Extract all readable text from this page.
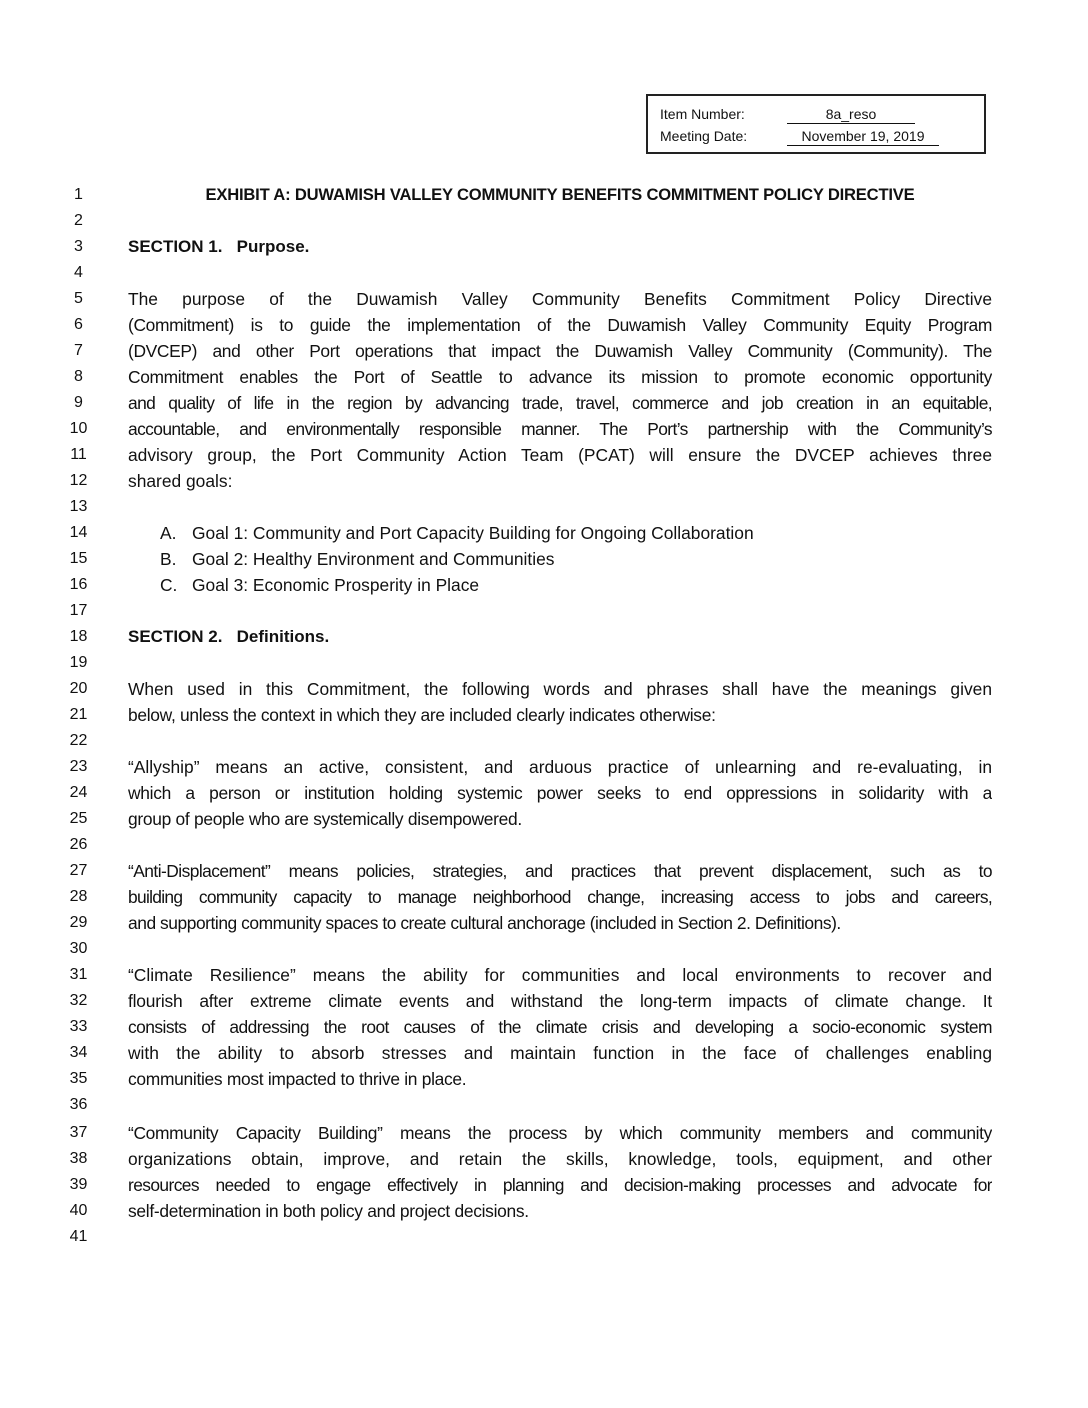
Item Number:	8a_reso
Meeting Date:	November 19, 2019
1	EXHIBIT A: DUWAMISH VALLEY COMMUNITY BENEFITS COMMITMENT POLICY DIRECTIVE
2
3	SECTION 1.   Purpose.
4
5	The purpose of the Duwamish Valley Community Benefits Commitment Policy Directive
6	(Commitment) is to guide the implementation of the Duwamish Valley Community Equity Program
7	(DVCEP) and other Port operations that impact the Duwamish Valley Community (Community). The
8	Commitment enables the Port of Seattle to advance its mission to promote economic opportunity
9	and quality of life in the region by advancing trade, travel, commerce and job creation in an equitable,
10	accountable, and environmentally responsible manner. The Port’s partnership with the Community’s
11	advisory group, the Port Community Action Team (PCAT) will ensure the DVCEP achieves three
12	shared goals:
13
14	A. Goal 1: Community and Port Capacity Building for Ongoing Collaboration
15	B. Goal 2: Healthy Environment and Communities
16	C. Goal 3: Economic Prosperity in Place
17
18	SECTION 2.   Definitions.
19
20	When used in this Commitment, the following words and phrases shall have the meanings given
21	below, unless the context in which they are included clearly indicates otherwise:
22
23	“Allyship” means an active, consistent, and arduous practice of unlearning and re-evaluating, in
24	which a person or institution holding systemic power seeks to end oppressions in solidarity with a
25	group of people who are systemically disempowered.
26
27	“Anti-Displacement” means policies, strategies, and practices that prevent displacement, such as to
28	building community capacity to manage neighborhood change, increasing access to jobs and careers,
29	and supporting community spaces to create cultural anchorage (included in Section 2. Definitions).
30
31	“Climate Resilience” means the ability for communities and local environments to recover and
32	flourish after extreme climate events and withstand the long-term impacts of climate change. It
33	consists of addressing the root causes of the climate crisis and developing a socio-economic system
34	with the ability to absorb stresses and maintain function in the face of challenges enabling
35	communities most impacted to thrive in place.
36
37	“Community Capacity Building” means the process by which community members and community
38	organizations obtain, improve, and retain the skills, knowledge, tools, equipment, and other
39	resources needed to engage effectively in planning and decision-making processes and advocate for
40	self-determination in both policy and project decisions.
41
